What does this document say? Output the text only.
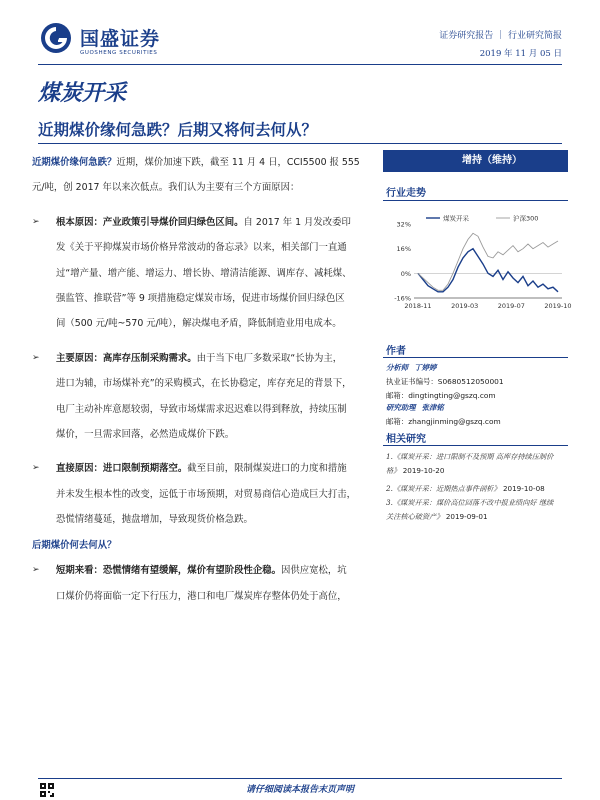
国盛证券
GUOSHENG SECURITIES
证券研究报告 ｜ 行业研究简报
2019 年 11 月 05 日
煤炭开采
近期煤价缘何急跌？后期又将何去何从？

近期煤价缘何急跌？近期，煤价加速下跌，截至 11 月 4 日，CCI5500 报 555

元/吨，创 2017 年以来次低点。我们认为主要有三个方面原因：

➢ 根本原因：产业政策引导煤价回归绿色区间。自 2017 年 1 月发改委印

发《关于平抑煤炭市场价格异常波动的备忘录》以来，相关部门一直通

过“增产量、增产能、增运力、增长协、增清洁能源、调库存、减耗煤、

强监管、推联营”等 9 项措施稳定煤炭市场，促进市场煤价回归绿色区

间（500 元/吨~570 元/吨），解决煤电矛盾，降低制造业用电成本。

➢ 主要原因：高库存压制采购需求。由于当下电厂多数采取“长协为主，

进口为辅，市场煤补充”的采购模式，在长协稳定，库存充足的背景下，

电厂主动补库意愿较弱，导致市场煤需求迟迟难以得到释放，持续压制

煤价，一旦需求回落，必然造成煤价下跌。

➢ 直接原因：进口限制预期落空。截至目前，限制煤炭进口的力度和措施

并未发生根本性的改变，远低于市场预期，对贸易商信心造成巨大打击，

恐慌情绪蔓延，抛盘增加，导致现货价格急跌。

后期煤价何去何从？

➢ 短期来看：恐慌情绪有望缓解，煤价有望阶段性企稳。因供应宽松，坑

口煤价仍将面临一定下行压力，港口和电厂煤炭库存整体仍处于高位，

增持（维持）
行业走势
32%
16%
0%
-16%
2018-11	2019-03	2019-07	2019-10
煤炭开采	沪深300
作者
分析师 丁婷婷
执业证书编号：S0680512050001
邮箱：dingtingting@gszq.com
研究助理 张津铭
邮箱：zhangjinming@gszq.com
相关研究
1.《煤炭开采：进口限制不及预期 高库存持续压制价
格》 2019-10-20
2.《煤炭开采：近期热点事件剖析》 2019-10-08
3.《煤炭开采：煤价高位回落不改中报业绩向好 继续
关注核心破资产》 2019-09-01
请仔细阅读本报告末页声明
